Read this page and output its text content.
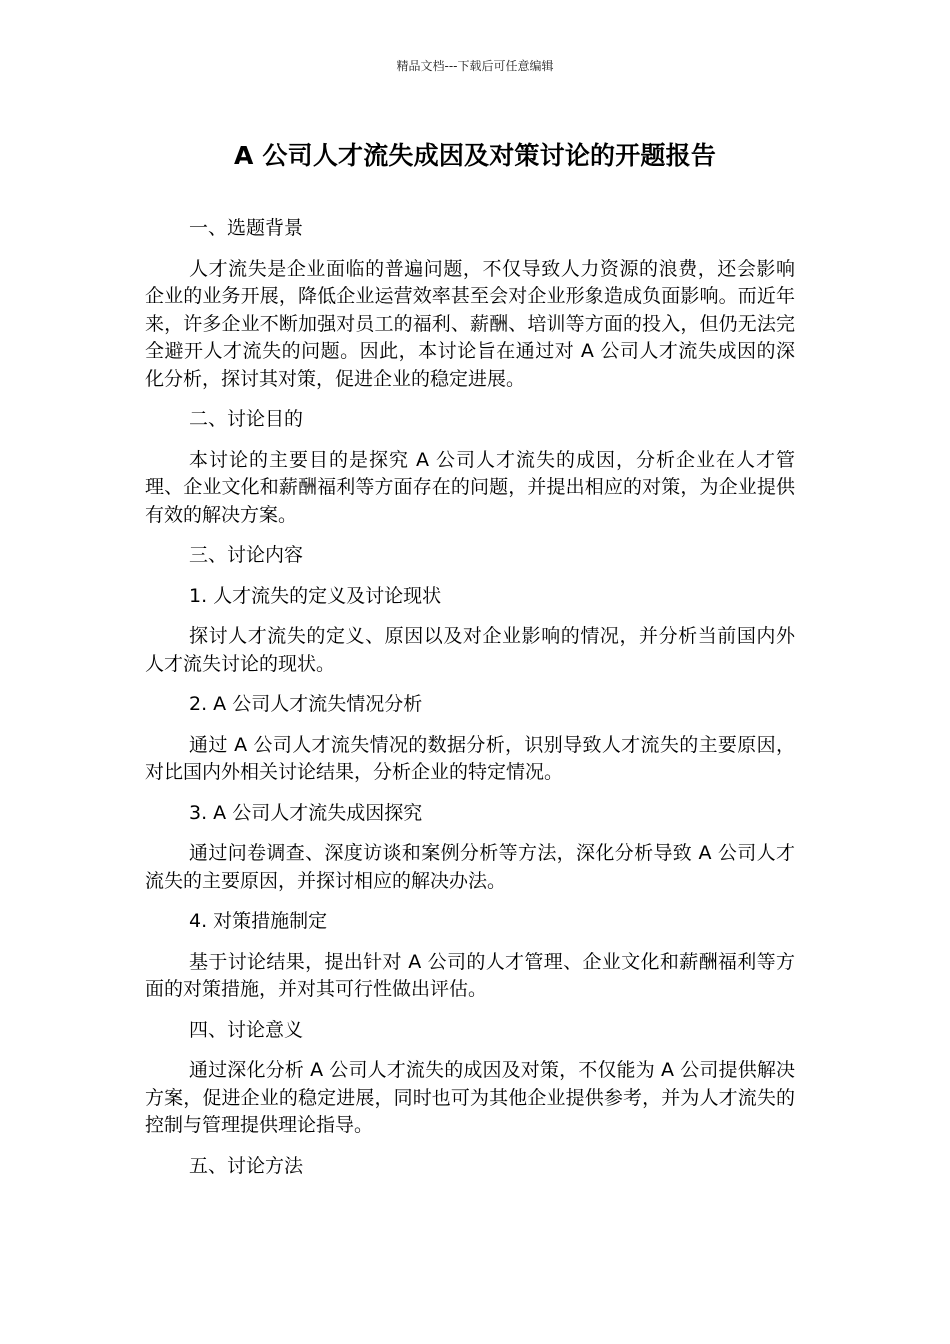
精品文档---下载后可任意编辑
A 公司人才流失成因及对策讨论的开题报告
一、选题背景
人才流失是企业面临的普遍问题，不仅导致人力资源的浪费，还会影响企业的业务开展，降低企业运营效率甚至会对企业形象造成负面影响。而近年来，许多企业不断加强对员工的福利、薪酬、培训等方面的投入，但仍无法完全避开人才流失的问题。因此，本讨论旨在通过对 A 公司人才流失成因的深化分析，探讨其对策，促进企业的稳定进展。
二、讨论目的
本讨论的主要目的是探究 A 公司人才流失的成因，分析企业在人才管理、企业文化和薪酬福利等方面存在的问题，并提出相应的对策，为企业提供有效的解决方案。
三、讨论内容
1. 人才流失的定义及讨论现状
探讨人才流失的定义、原因以及对企业影响的情况，并分析当前国内外人才流失讨论的现状。
2. A 公司人才流失情况分析
通过 A 公司人才流失情况的数据分析，识别导致人才流失的主要原因，对比国内外相关讨论结果，分析企业的特定情况。
3. A 公司人才流失成因探究
通过问卷调查、深度访谈和案例分析等方法，深化分析导致 A 公司人才流失的主要原因，并探讨相应的解决办法。
4. 对策措施制定
基于讨论结果，提出针对 A 公司的人才管理、企业文化和薪酬福利等方面的对策措施，并对其可行性做出评估。
四、讨论意义
通过深化分析 A 公司人才流失的成因及对策，不仅能为 A 公司提供解决方案，促进企业的稳定进展，同时也可为其他企业提供参考，并为人才流失的控制与管理提供理论指导。
五、讨论方法
